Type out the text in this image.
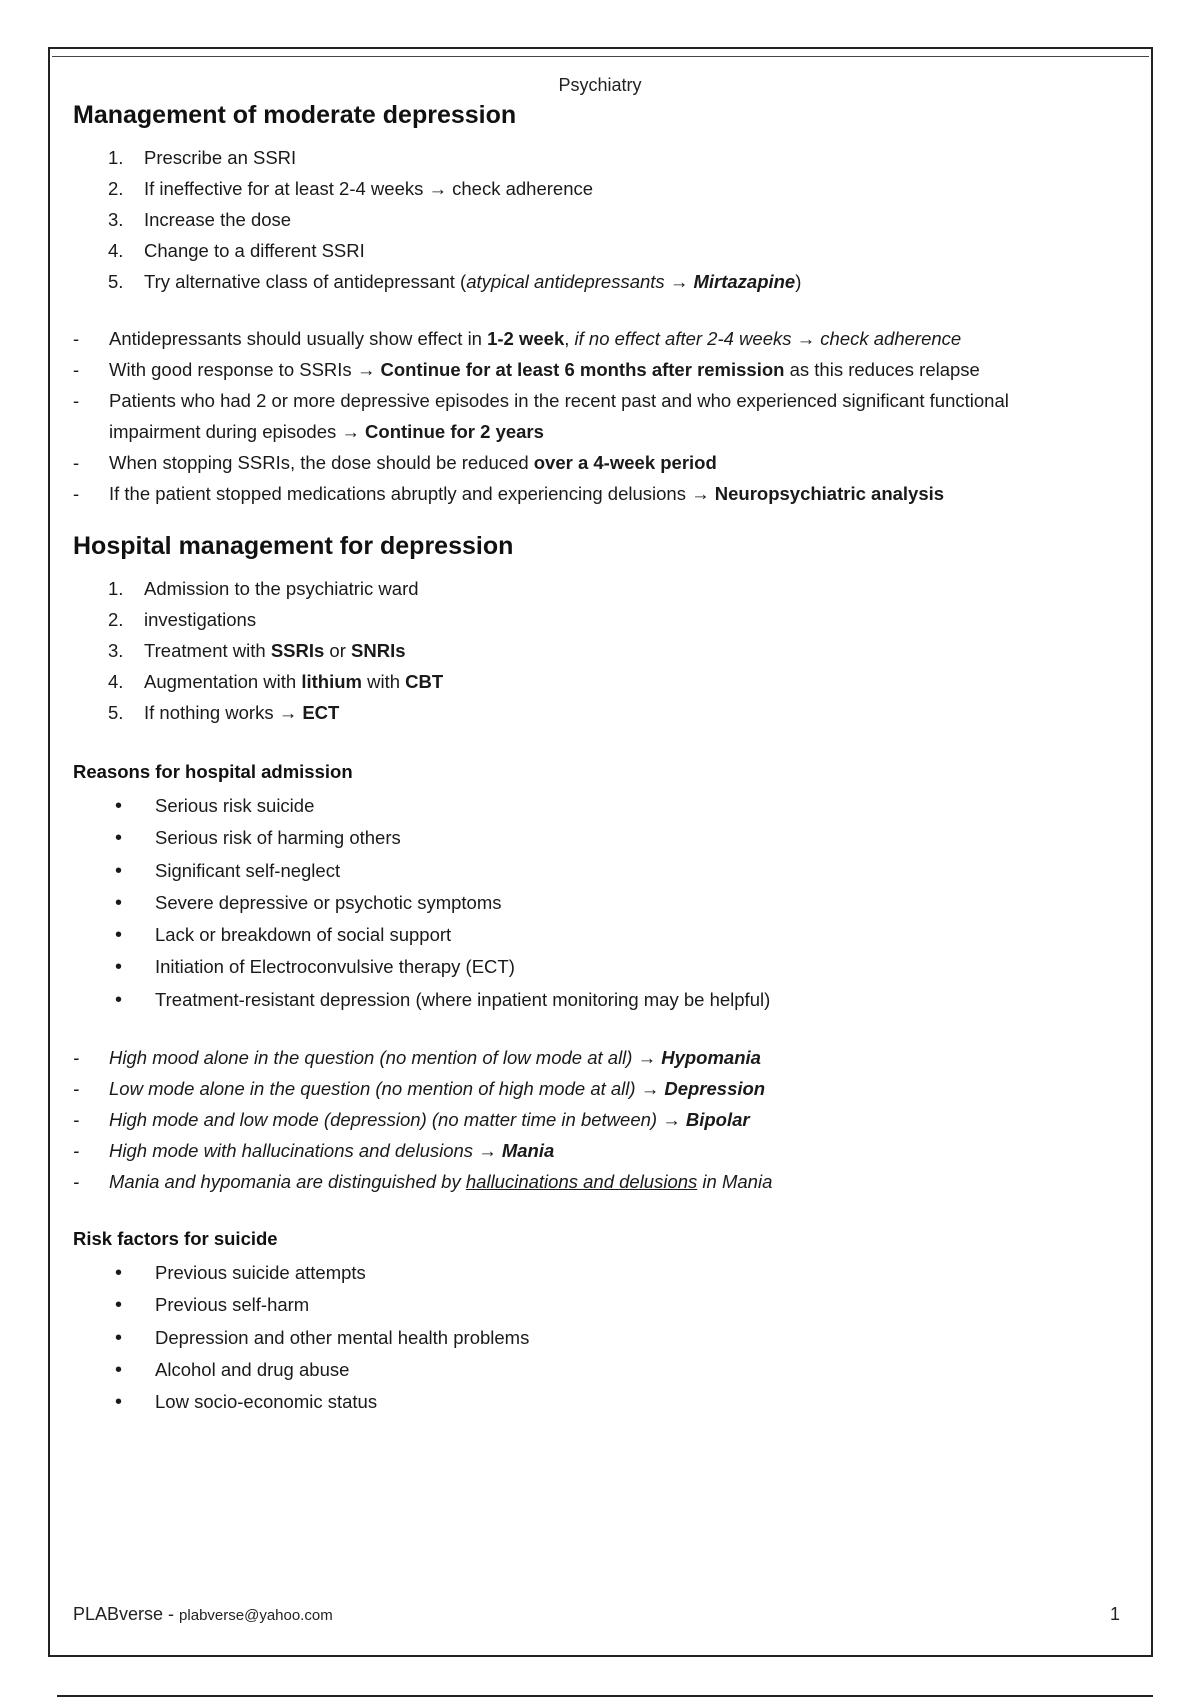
Psychiatry
Management of moderate depression
1.	Prescribe an SSRI
2.	If ineffective for at least 2-4 weeks → check adherence
3.	Increase the dose
4.	Change to a different SSRI
5.	Try alternative class of antidepressant (atypical antidepressants → Mirtazapine)
- Antidepressants should usually show effect in 1-2 week, if no effect after 2-4 weeks → check adherence
- With good response to SSRIs → Continue for at least 6 months after remission as this reduces relapse
- Patients who had 2 or more depressive episodes in the recent past and who experienced significant functional impairment during episodes → Continue for 2 years
- When stopping SSRIs, the dose should be reduced over a 4-week period
- If the patient stopped medications abruptly and experiencing delusions → Neuropsychiatric analysis
Hospital management for depression
1.	Admission to the psychiatric ward
2.	investigations
3.	Treatment with SSRIs or SNRIs
4.	Augmentation with lithium with CBT
5.	If nothing works → ECT
Reasons for hospital admission
• Serious risk suicide
• Serious risk of harming others
• Significant self-neglect
• Severe depressive or psychotic symptoms
• Lack or breakdown of social support
• Initiation of Electroconvulsive therapy (ECT)
• Treatment-resistant depression (where inpatient monitoring may be helpful)
- High mood alone in the question (no mention of low mode at all) → Hypomania
- Low mode alone in the question (no mention of high mode at all) → Depression
- High mode and low mode (depression) (no matter time in between) → Bipolar
- High mode with hallucinations and delusions → Mania
- Mania and hypomania are distinguished by hallucinations and delusions in Mania
Risk factors for suicide
• Previous suicide attempts
• Previous self-harm
• Depression and other mental health problems
• Alcohol and drug abuse
• Low socio-economic status
PLABverse - plabverse@yahoo.com	1
